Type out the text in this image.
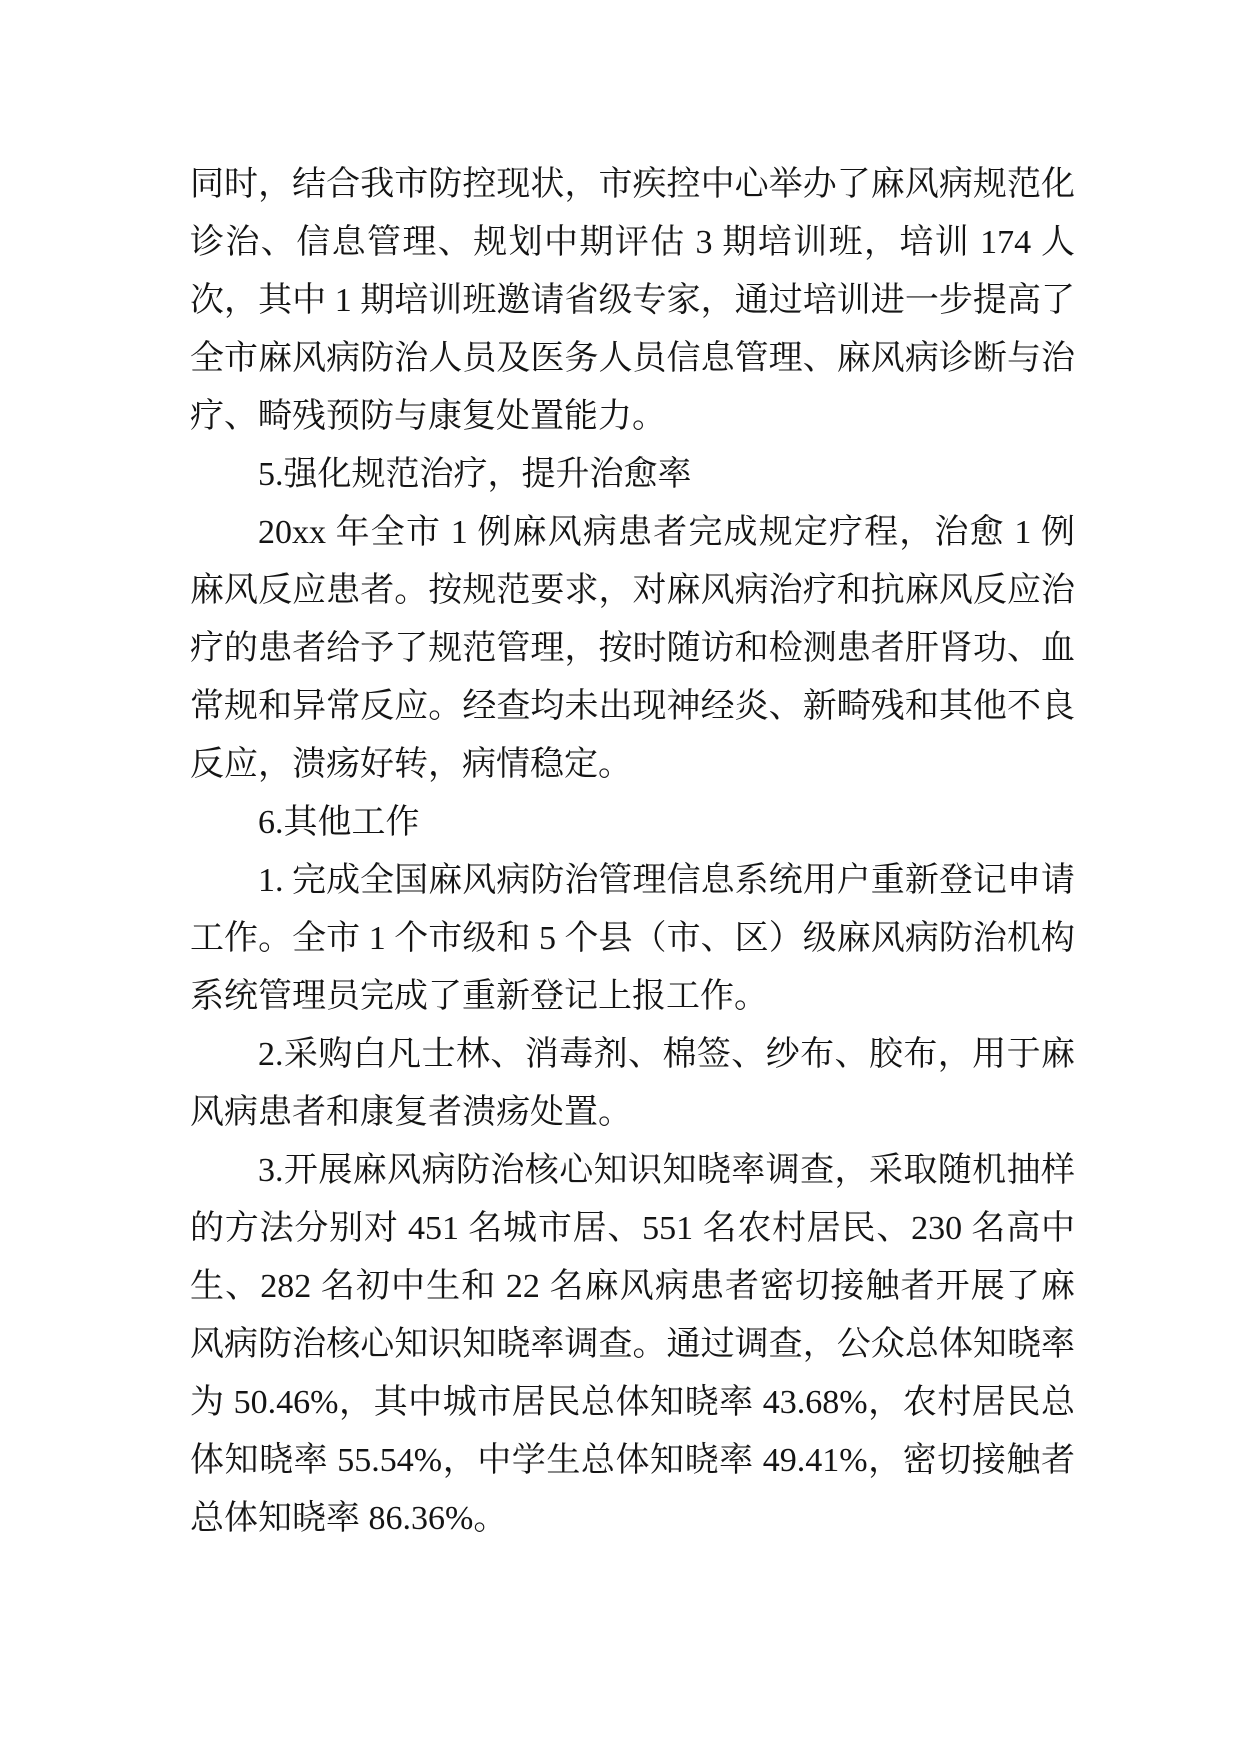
同时，结合我市防控现状，市疾控中心举办了麻风病规范化诊治、信息管理、规划中期评估 3 期培训班，培训 174 人次，其中 1 期培训班邀请省级专家，通过培训进一步提高了全市麻风病防治人员及医务人员信息管理、麻风病诊断与治疗、畸残预防与康复处置能力。

5.强化规范治疗，提升治愈率

20xx 年全市 1 例麻风病患者完成规定疗程，治愈 1 例麻风反应患者。按规范要求，对麻风病治疗和抗麻风反应治疗的患者给予了规范管理，按时随访和检测患者肝肾功、血常规和异常反应。经查均未出现神经炎、新畸残和其他不良反应，溃疡好转，病情稳定。

6.其他工作

1. 完成全国麻风病防治管理信息系统用户重新登记申请工作。全市 1 个市级和 5 个县（市、区）级麻风病防治机构系统管理员完成了重新登记上报工作。

2.采购白凡士林、消毒剂、棉签、纱布、胶布，用于麻风病患者和康复者溃疡处置。

3.开展麻风病防治核心知识知晓率调查，采取随机抽样的方法分别对 451 名城市居、551 名农村居民、230 名高中生、282 名初中生和 22 名麻风病患者密切接触者开展了麻风病防治核心知识知晓率调查。通过调查，公众总体知晓率为 50.46%，其中城市居民总体知晓率 43.68%，农村居民总体知晓率 55.54%，中学生总体知晓率 49.41%，密切接触者总体知晓率 86.36%。
